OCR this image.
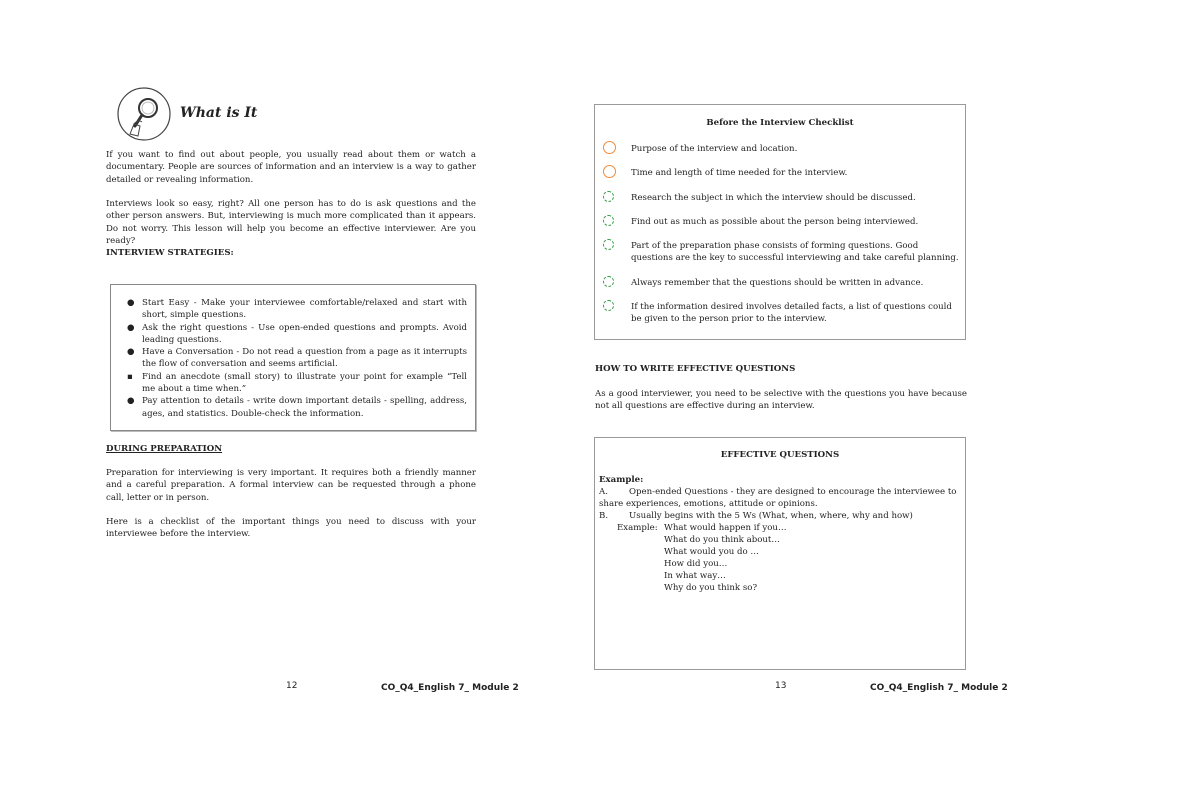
What is It

If you want to find out about people, you usually read about them or watch a documentary. People are sources of information and an interview is a way to gather detailed or revealing information.

Interviews look so easy, right? All one person has to do is ask questions and the other person answers. But, interviewing is much more complicated than it appears. Do not worry. This lesson will help you become an effective interviewer. Are you ready?

INTERVIEW STRATEGIES:

● Start Easy - Make your interviewee comfortable/relaxed and start with short, simple questions.
● Ask the right questions - Use open-ended questions and prompts. Avoid leading questions.
● Have a Conversation - Do not read a question from a page as it interrupts the flow of conversation and seems artificial.
▪ Find an anecdote (small story) to illustrate your point for example “Tell me about a time when.”
● Pay attention to details - write down important details - spelling, address, ages, and statistics. Double-check the information.

DURING PREPARATION

Preparation for interviewing is very important. It requires both a friendly manner and a careful preparation. A formal interview can be requested through a phone call, letter or in person.

Here is a checklist of the important things you need to discuss with your interviewee before the interview.

12	CO_Q4_English 7_ Module 2

Before the Interview Checklist

Purpose of the interview and location.
Time and length of time needed for the interview.
Research the subject in which the interview should be discussed.
Find out as much as possible about the person being interviewed.
Part of the preparation phase consists of forming questions. Good questions are the key to successful interviewing and take careful planning.
Always remember that the questions should be written in advance.
If the information desired involves detailed facts, a list of questions could be given to the person prior to the interview.

HOW TO WRITE EFFECTIVE QUESTIONS

As a good interviewer, you need to be selective with the questions you have because not all questions are effective during an interview.

EFFECTIVE QUESTIONS

Example:

A. Open-ended Questions - they are designed to encourage the interviewee to

share experiences, emotions, attitude or opinions.

B. Usually begins with the 5 Ws (What, when, where, why and how)

Example: What would happen if you…

What do you think about…

What would you do …

How did you…

In what way…

Why do you think so?

13	CO_Q4_English 7_ Module 2
